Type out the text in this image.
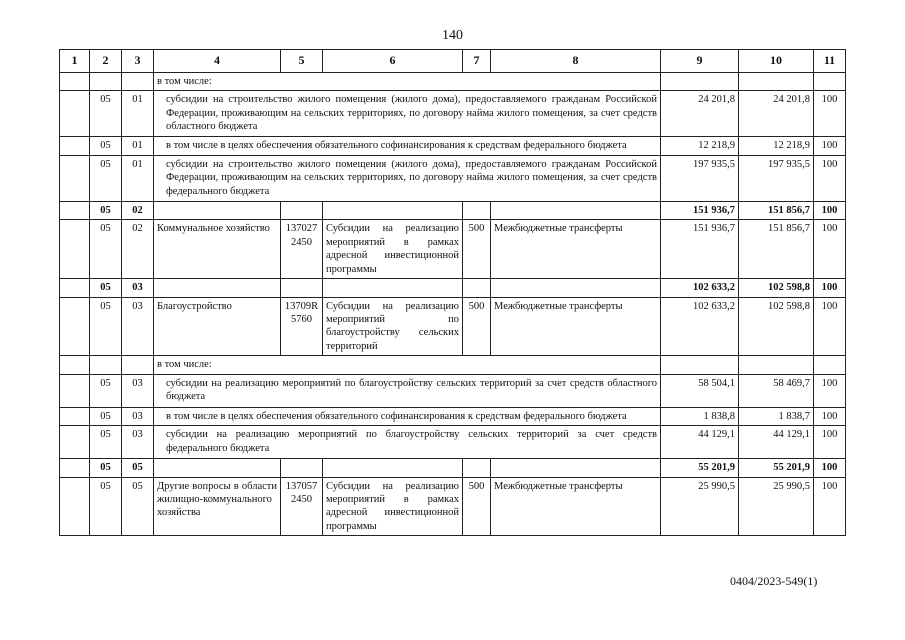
140
1	2	3	4	5	6	7	8	9	10	11
			в том числе:							
	05	01	субсидии на строительство жилого помещения (жилого дома), предоставляемого гражданам Российской Федерации, проживающим на сельских территориях, по договору найма жилого помещения, за счет средств областного бюджета					24 201,8	24 201,8	100
	05	01	в том числе в целях обеспечения обязательного софинансирования к средствам федерального бюджета					12 218,9	12 218,9	100
	05	01	субсидии на строительство жилого помещения (жилого дома), предоставляемого гражданам Российской Федерации, проживающим на сельских территориях, по договору найма жилого помещения, за счет средств федерального бюджета					197 935,5	197 935,5	100
	05	02						151 936,7	151 856,7	100
	05	02	Коммунальное хозяйство	137027 2450	Субсидии на реализацию мероприятий в рамках адресной инвестиционной программы	500	Межбюджетные трансферты	151 936,7	151 856,7	100
	05	03						102 633,2	102 598,8	100
	05	03	Благоустройство	13709R 5760	Субсидии на реализацию мероприятий по благоустройству сельских территорий	500	Межбюджетные трансферты	102 633,2	102 598,8	100
			в том числе:							
	05	03	субсидии на реализацию мероприятий по благоустройству сельских территорий за счет средств областного бюджета					58 504,1	58 469,7	100
	05	03	в том числе в целях обеспечения обязательного софинансирования к средствам федерального бюджета					1 838,8	1 838,7	100
	05	03	субсидии на реализацию мероприятий по благоустройству сельских территорий за счет средств федерального бюджета					44 129,1	44 129,1	100
	05	05						55 201,9	55 201,9	100
	05	05	Другие вопросы в области жилищно-коммунального хозяйства	137057 2450	Субсидии на реализацию мероприятий в рамках адресной инвестиционной программы	500	Межбюджетные трансферты	25 990,5	25 990,5	100
0404/2023-549(1)
